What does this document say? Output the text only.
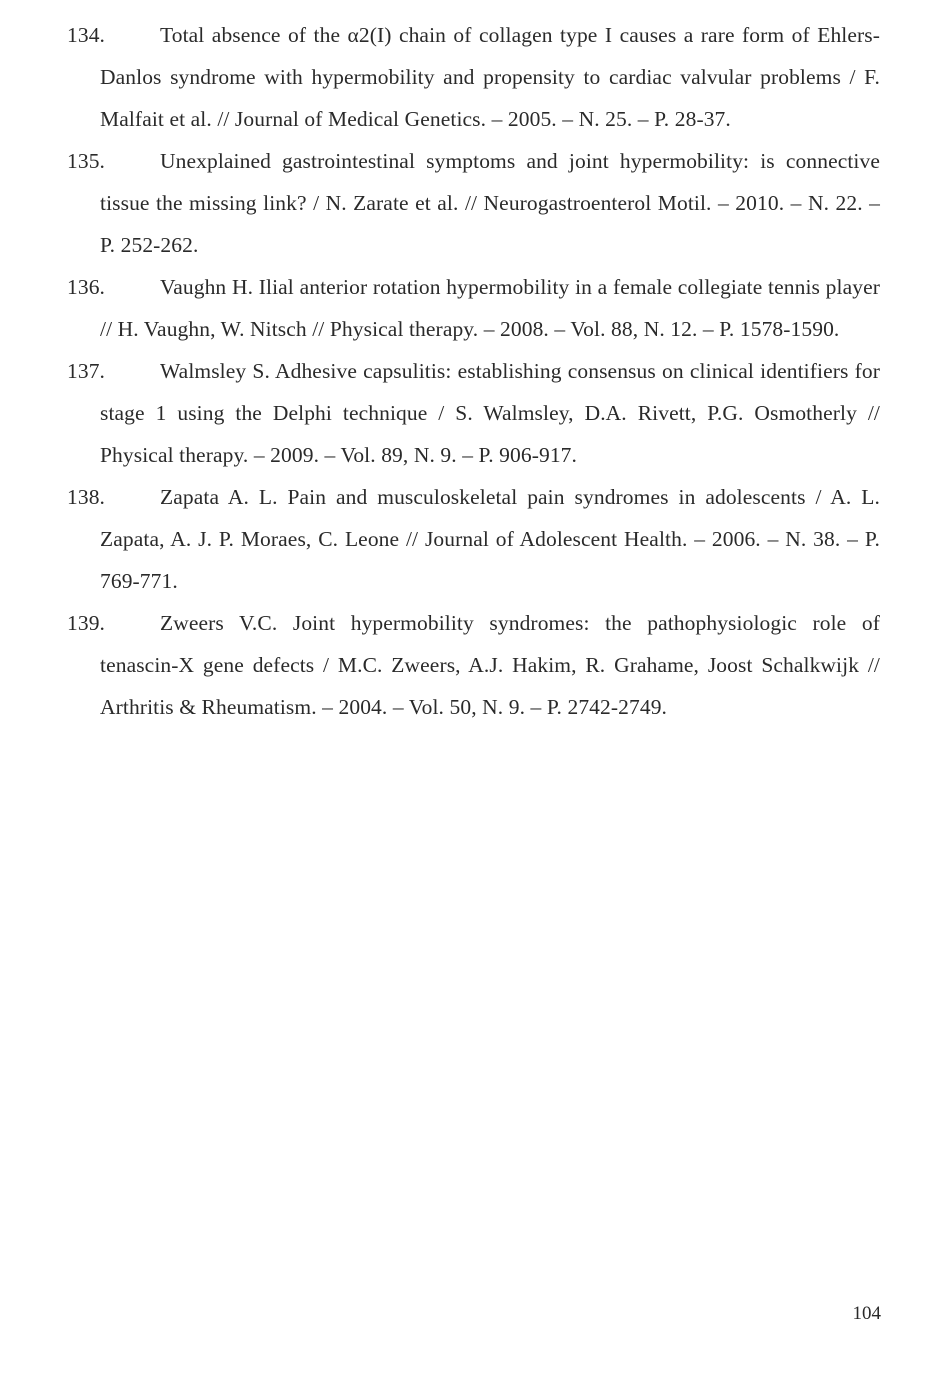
134.	Total absence of the α2(I) chain of collagen type I causes a rare form of Ehlers-Danlos syndrome with hypermobility and propensity to cardiac valvular problems / F. Malfait et al. // Journal of Medical Genetics. – 2005. – N. 25. – P. 28-37.

135.	Unexplained gastrointestinal symptoms and joint hypermobility: is connective tissue the missing link? / N. Zarate et al. // Neurogastroenterol Motil. – 2010. – N. 22. – P. 252-262.

136.	Vaughn H. Ilial anterior rotation hypermobility in a female collegiate tennis player // H. Vaughn, W. Nitsch // Physical therapy. – 2008. – Vol. 88, N. 12. – P. 1578-1590.

137.	Walmsley S. Adhesive capsulitis: establishing consensus on clinical identifiers for stage 1 using the Delphi technique / S. Walmsley, D.A. Rivett, P.G. Osmotherly // Physical therapy. – 2009. – Vol. 89, N. 9. – P. 906-917.

138.	Zapata A. L. Pain and musculoskeletal pain syndromes in adolescents / A. L. Zapata, A. J. P. Moraes, C. Leone // Journal of Adolescent Health. – 2006. – N. 38. – P. 769-771.

139.	Zweers V.C. Joint hypermobility syndromes: the pathophysiologic role of tenascin-X gene defects / M.C. Zweers, A.J. Hakim, R. Grahame, Joost Schalkwijk // Arthritis & Rheumatism. – 2004. – Vol. 50, N. 9. – P. 2742-2749.

104
